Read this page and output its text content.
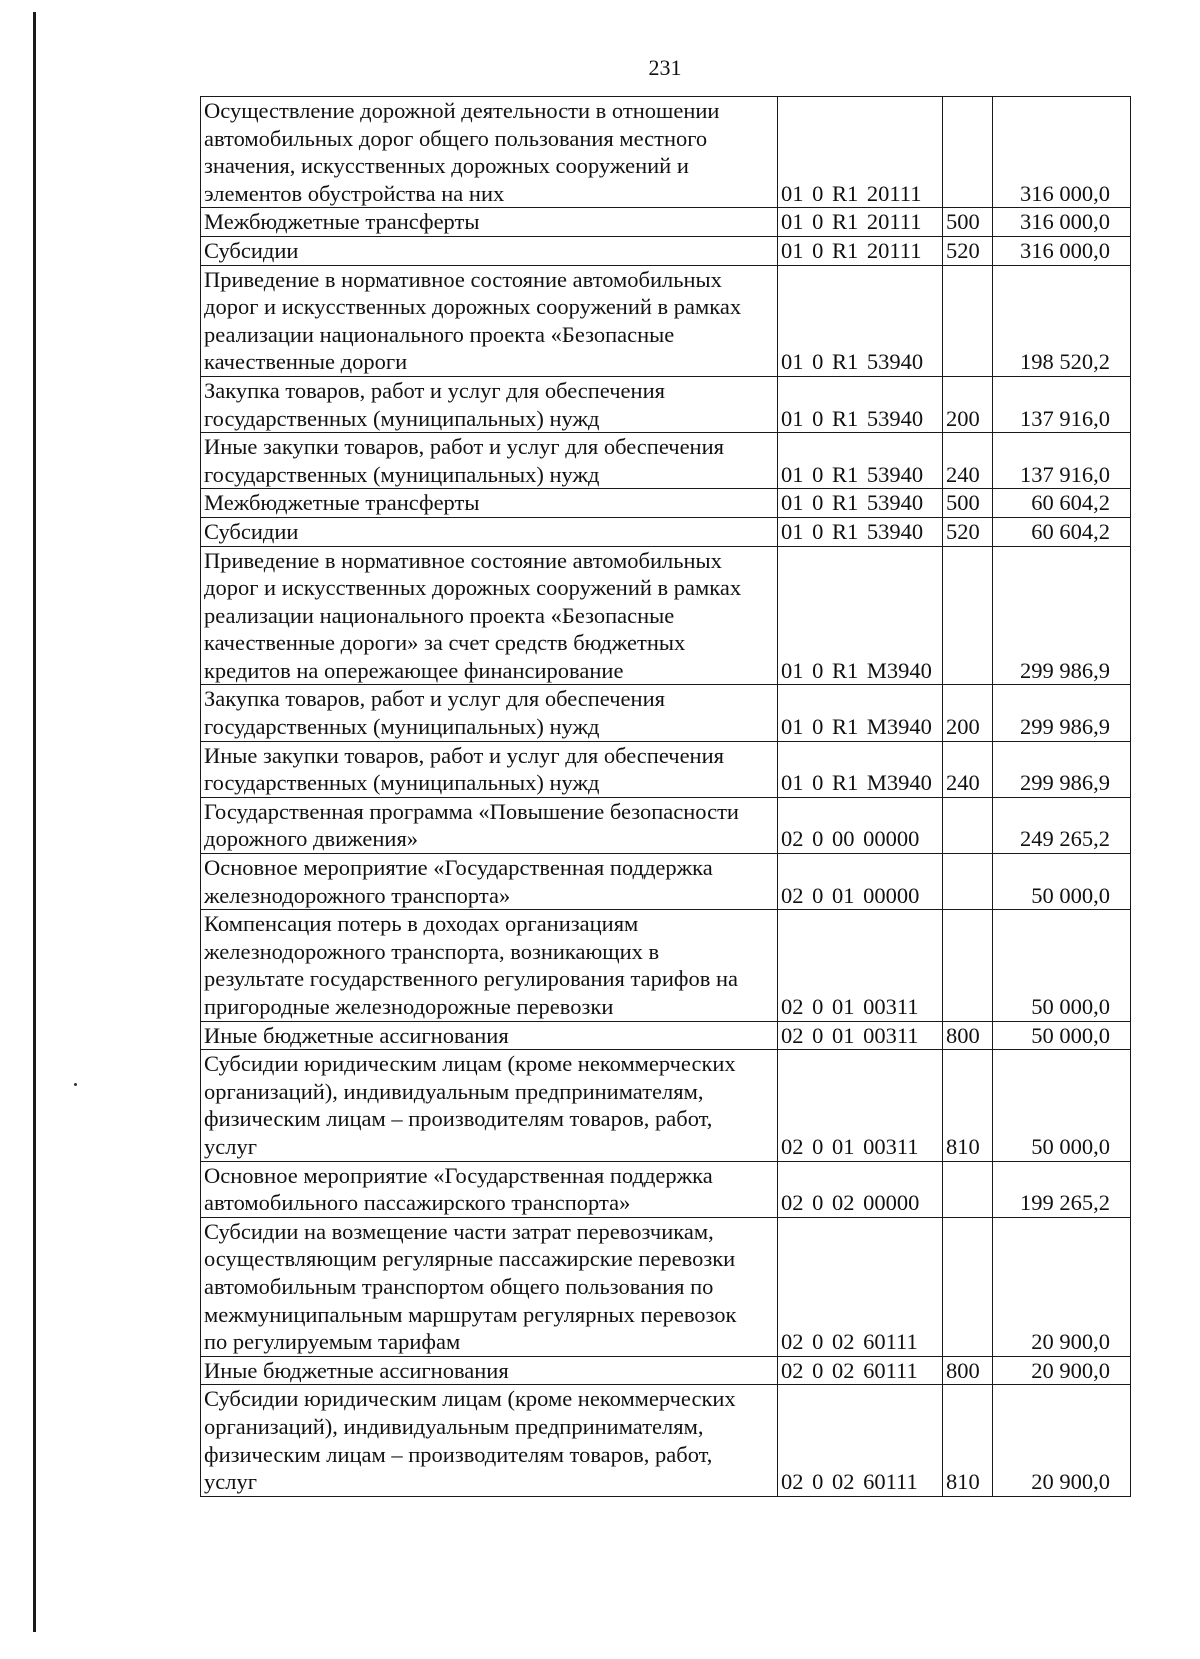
231
Осуществление дорожной деятельности в отношении
автомобильных дорог общего пользования местного
значения, искусственных дорожных сооружений и
элементов обустройства на них	01 0 R1 20111		316 000,0
Межбюджетные трансферты	01 0 R1 20111	500	316 000,0
Субсидии	01 0 R1 20111	520	316 000,0
Приведение в нормативное состояние автомобильных
дорог и искусственных дорожных сооружений в рамках
реализации национального проекта «Безопасные
качественные дороги	01 0 R1 53940		198 520,2
Закупка товаров, работ и услуг для обеспечения
государственных (муниципальных) нужд	01 0 R1 53940	200	137 916,0
Иные закупки товаров, работ и услуг для обеспечения
государственных (муниципальных) нужд	01 0 R1 53940	240	137 916,0
Межбюджетные трансферты	01 0 R1 53940	500	60 604,2
Субсидии	01 0 R1 53940	520	60 604,2
Приведение в нормативное состояние автомобильных
дорог и искусственных дорожных сооружений в рамках
реализации национального проекта «Безопасные
качественные дороги» за счет средств бюджетных
кредитов на опережающее финансирование	01 0 R1 M3940		299 986,9
Закупка товаров, работ и услуг для обеспечения
государственных (муниципальных) нужд	01 0 R1 M3940	200	299 986,9
Иные закупки товаров, работ и услуг для обеспечения
государственных (муниципальных) нужд	01 0 R1 M3940	240	299 986,9
Государственная программа «Повышение безопасности
дорожного движения»	02 0 00 00000		249 265,2
Основное мероприятие «Государственная поддержка
железнодорожного транспорта»	02 0 01 00000		50 000,0
Компенсация потерь в доходах организациям
железнодорожного транспорта, возникающих в
результате государственного регулирования тарифов на
пригородные железнодорожные перевозки	02 0 01 00311		50 000,0
Иные бюджетные ассигнования	02 0 01 00311	800	50 000,0
Субсидии юридическим лицам (кроме некоммерческих
организаций), индивидуальным предпринимателям,
физическим лицам – производителям товаров, работ,
услуг	02 0 01 00311	810	50 000,0
Основное мероприятие «Государственная поддержка
автомобильного пассажирского транспорта»	02 0 02 00000		199 265,2
Субсидии на возмещение части затрат перевозчикам,
осуществляющим регулярные пассажирские перевозки
автомобильным транспортом общего пользования по
межмуниципальным маршрутам регулярных перевозок
по регулируемым тарифам	02 0 02 60111		20 900,0
Иные бюджетные ассигнования	02 0 02 60111	800	20 900,0
Субсидии юридическим лицам (кроме некоммерческих
организаций), индивидуальным предпринимателям,
физическим лицам – производителям товаров, работ,
услуг	02 0 02 60111	810	20 900,0
